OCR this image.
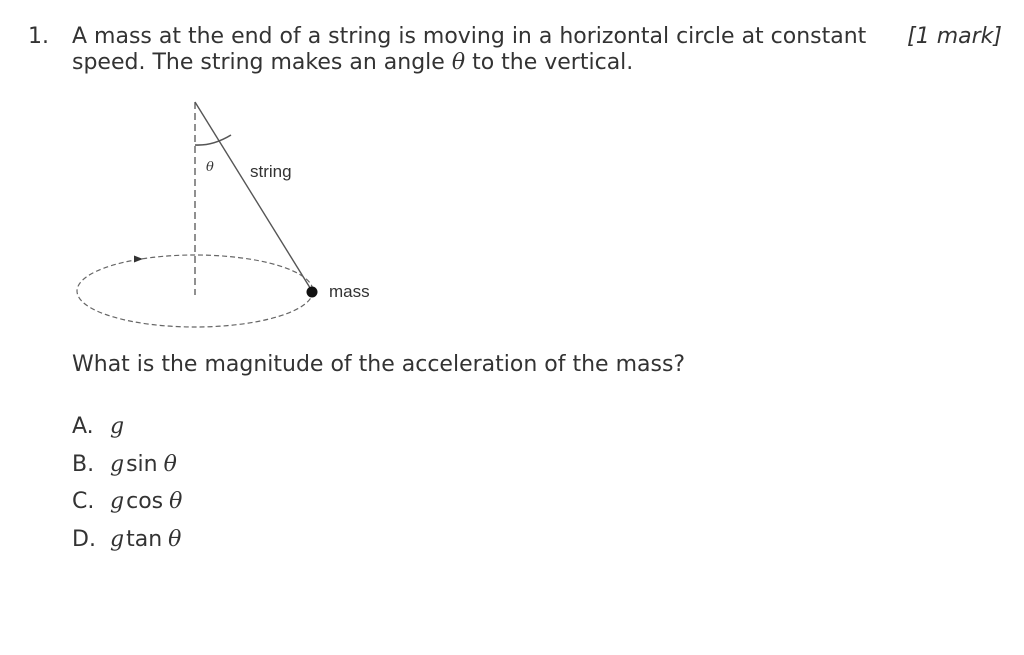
1. A mass at the end of a string is moving in a horizontal circle at constant speed. The string makes an angle θ to the vertical.
[1 mark]
θ string
mass
What is the magnitude of the acceleration of the mass?
A. g
B. g sin θ
C. g cos θ
D. g tan θ
